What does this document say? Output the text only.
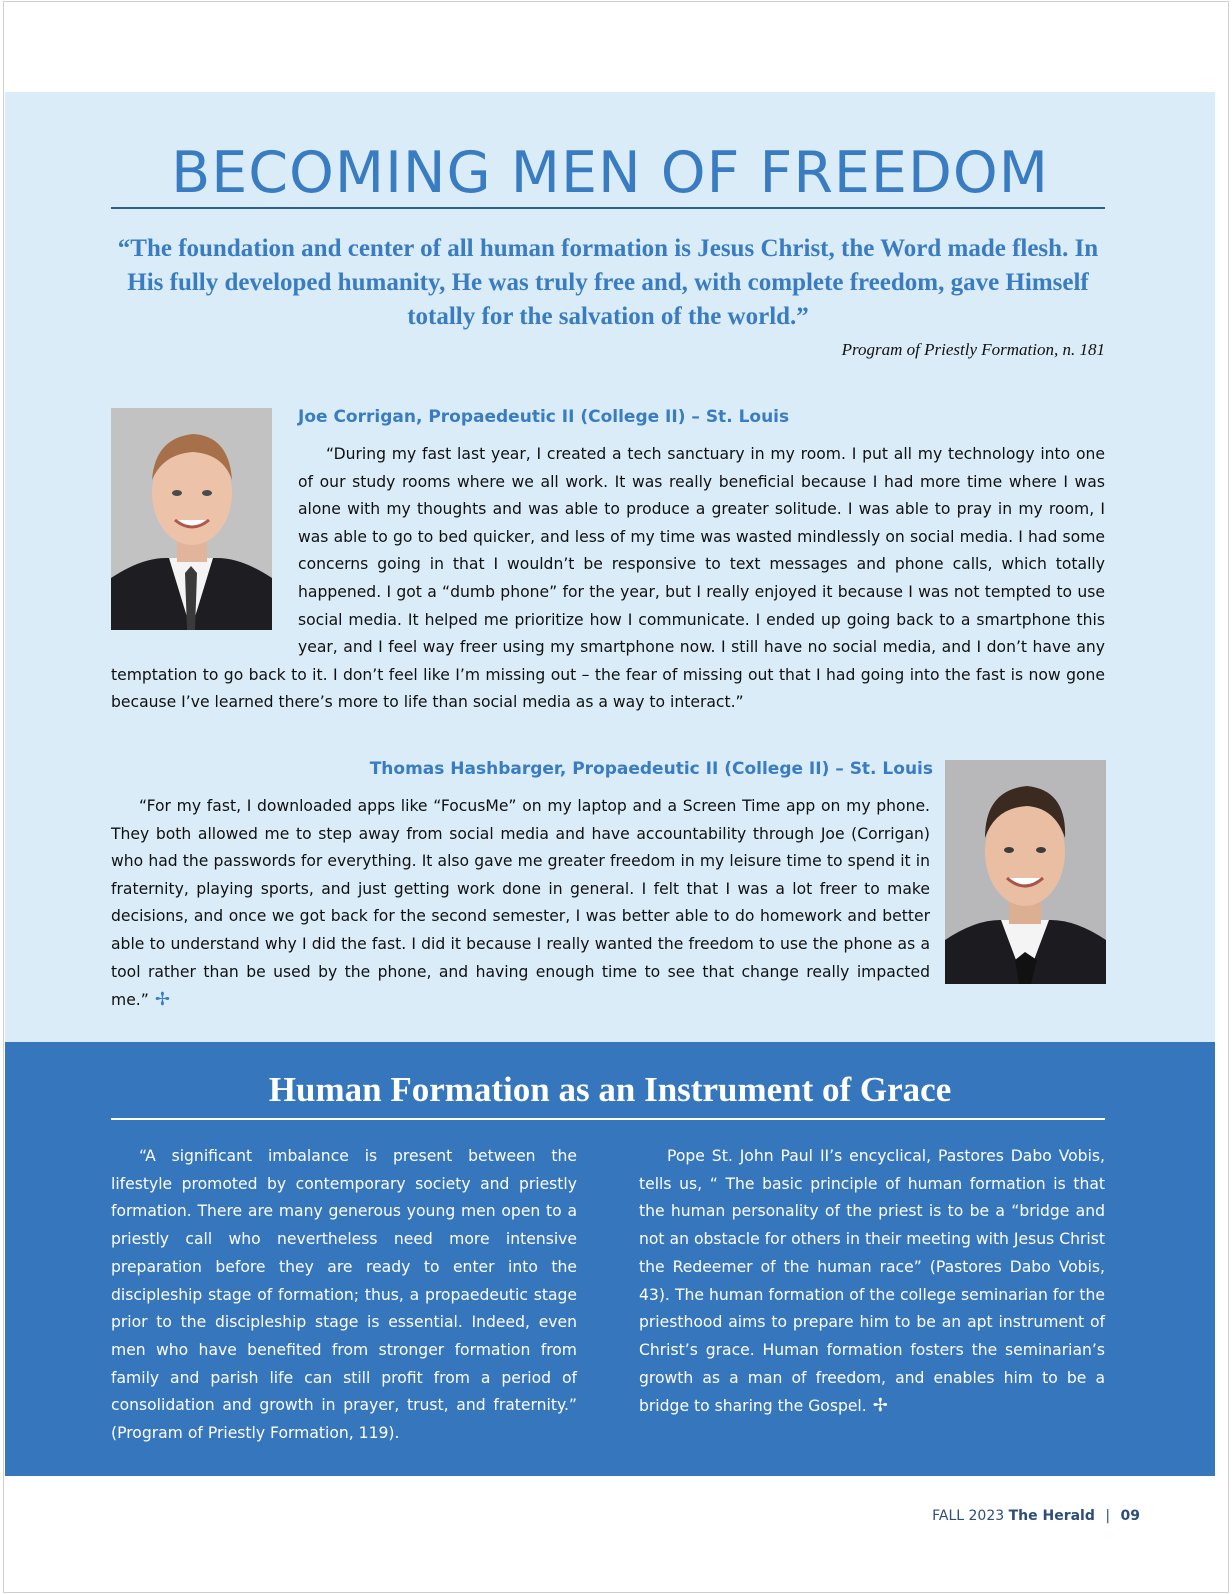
BECOMING MEN OF FREEDOM
“The foundation and center of all human formation is Jesus Christ, the Word made flesh. In His fully developed humanity, He was truly free and, with complete freedom, gave Himself totally for the salvation of the world.”
Program of Priestly Formation, n. 181
Joe Corrigan, Propaedeutic II (College II) – St. Louis

“During my fast last year, I created a tech sanctuary in my room. I put all my technology into one of our study rooms where we all work. It was really beneficial because I had more time where I was alone with my thoughts and was able to produce a greater solitude. I was able to pray in my room, I was able to go to bed quicker, and less of my time was wasted mindlessly on social media. I had some concerns going in that I wouldn’t be responsive to text messages and phone calls, which totally happened. I got a “dumb phone” for the year, but I really enjoyed it because I was not tempted to use social media. It helped me prioritize how I communicate. I ended up going back to a smartphone this year, and I feel way freer using my smartphone now. I still have no social media, and I don’t have any temptation to go back to it. I don’t feel like I’m missing out – the fear of missing out that I had going into the fast is now gone because I’ve learned there’s more to life than social media as a way to interact.”

Thomas Hashbarger, Propaedeutic II (College II) – St. Louis
“For my fast, I downloaded apps like “FocusMe” on my laptop and a Screen Time app on my phone. They both allowed me to step away from social media and have accountability through Joe (Corrigan) who had the passwords for everything. It also gave me greater freedom in my leisure time to spend it in fraternity, playing sports, and just getting work done in general. I felt that I was a lot freer to make decisions, and once we got back for the second semester, I was better able to do homework and better able to understand why I did the fast. I did it because I really wanted the freedom to use the phone as a tool rather than be used by the phone, and having enough time to see that change really impacted me.” ✢
Human Formation as an Instrument of Grace
“A significant imbalance is present between the lifestyle promoted by contemporary society and priestly formation. There are many generous young men open to a priestly call who nevertheless need more intensive preparation before they are ready to enter into the discipleship stage of formation; thus, a propaedeutic stage prior to the discipleship stage is essential. Indeed, even men who have benefited from stronger formation from family and parish life can still profit from a period of consolidation and growth in prayer, trust, and fraternity.” (Program of Priestly Formation, 119).
Pope St. John Paul II’s encyclical, Pastores Dabo Vobis, tells us, “ The basic principle of human formation is that the human personality of the priest is to be a “bridge and not an obstacle for others in their meeting with Jesus Christ the Redeemer of the human race” (Pastores Dabo Vobis, 43). The human formation of the college seminarian for the priesthood aims to prepare him to be an apt instrument of Christ’s grace. Human formation fosters the seminarian’s growth as a man of freedom, and enables him to be a bridge to sharing the Gospel. ✢
FALL 2023 The Herald | 09
